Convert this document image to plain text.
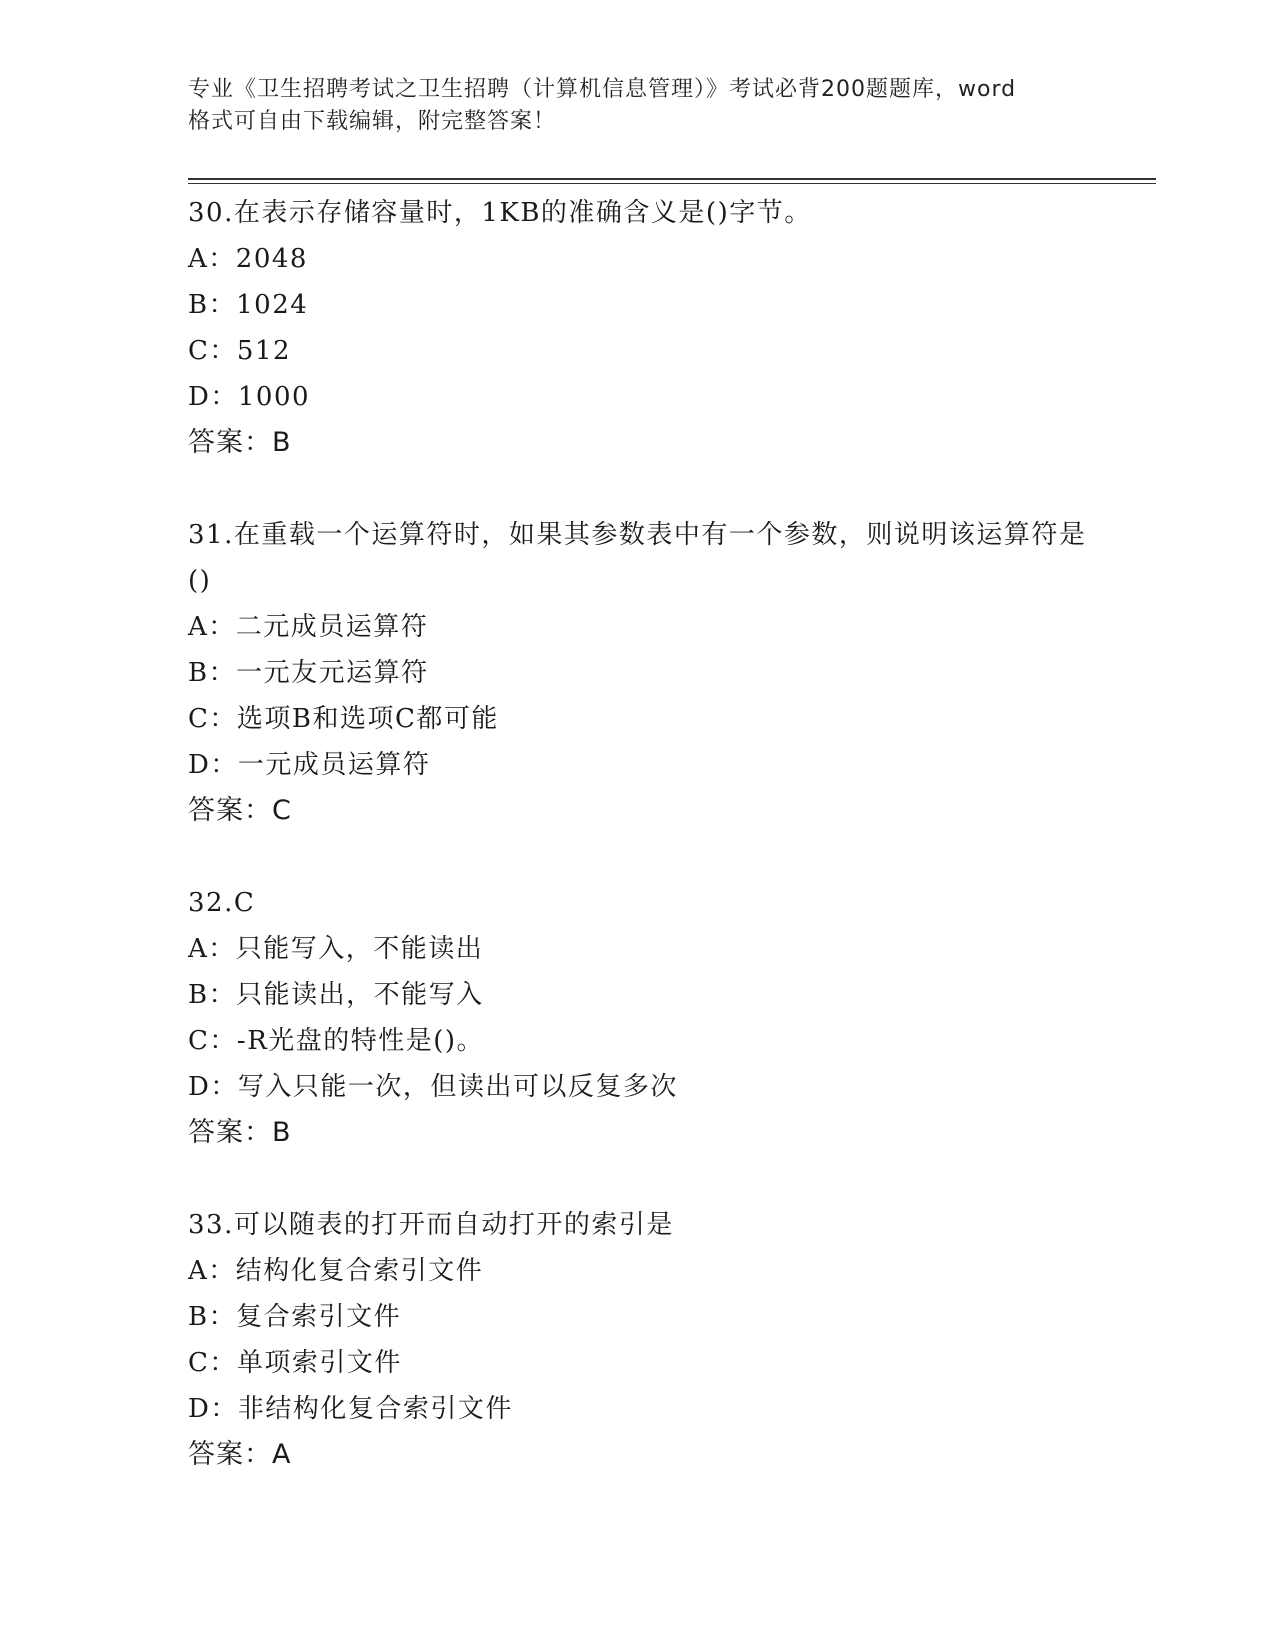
专业《卫生招聘考试之卫生招聘（计算机信息管理）》考试必背200题题库，word
格式可自由下载编辑，附完整答案！
30.在表示存储容量时，1KB的准确含义是()字节。
A：2048
B：1024
C：512
D：1000
答案：B
31.在重载一个运算符时，如果其参数表中有一个参数，则说明该运算符是()
A：二元成员运算符
B：一元友元运算符
C：选项B和选项C都可能
D：一元成员运算符
答案：C
32.C
A：只能写入，不能读出
B：只能读出，不能写入
C：-R光盘的特性是()。
D：写入只能一次，但读出可以反复多次
答案：B
33.可以随表的打开而自动打开的索引是
A：结构化复合索引文件
B：复合索引文件
C：单项索引文件
D：非结构化复合索引文件
答案：A
